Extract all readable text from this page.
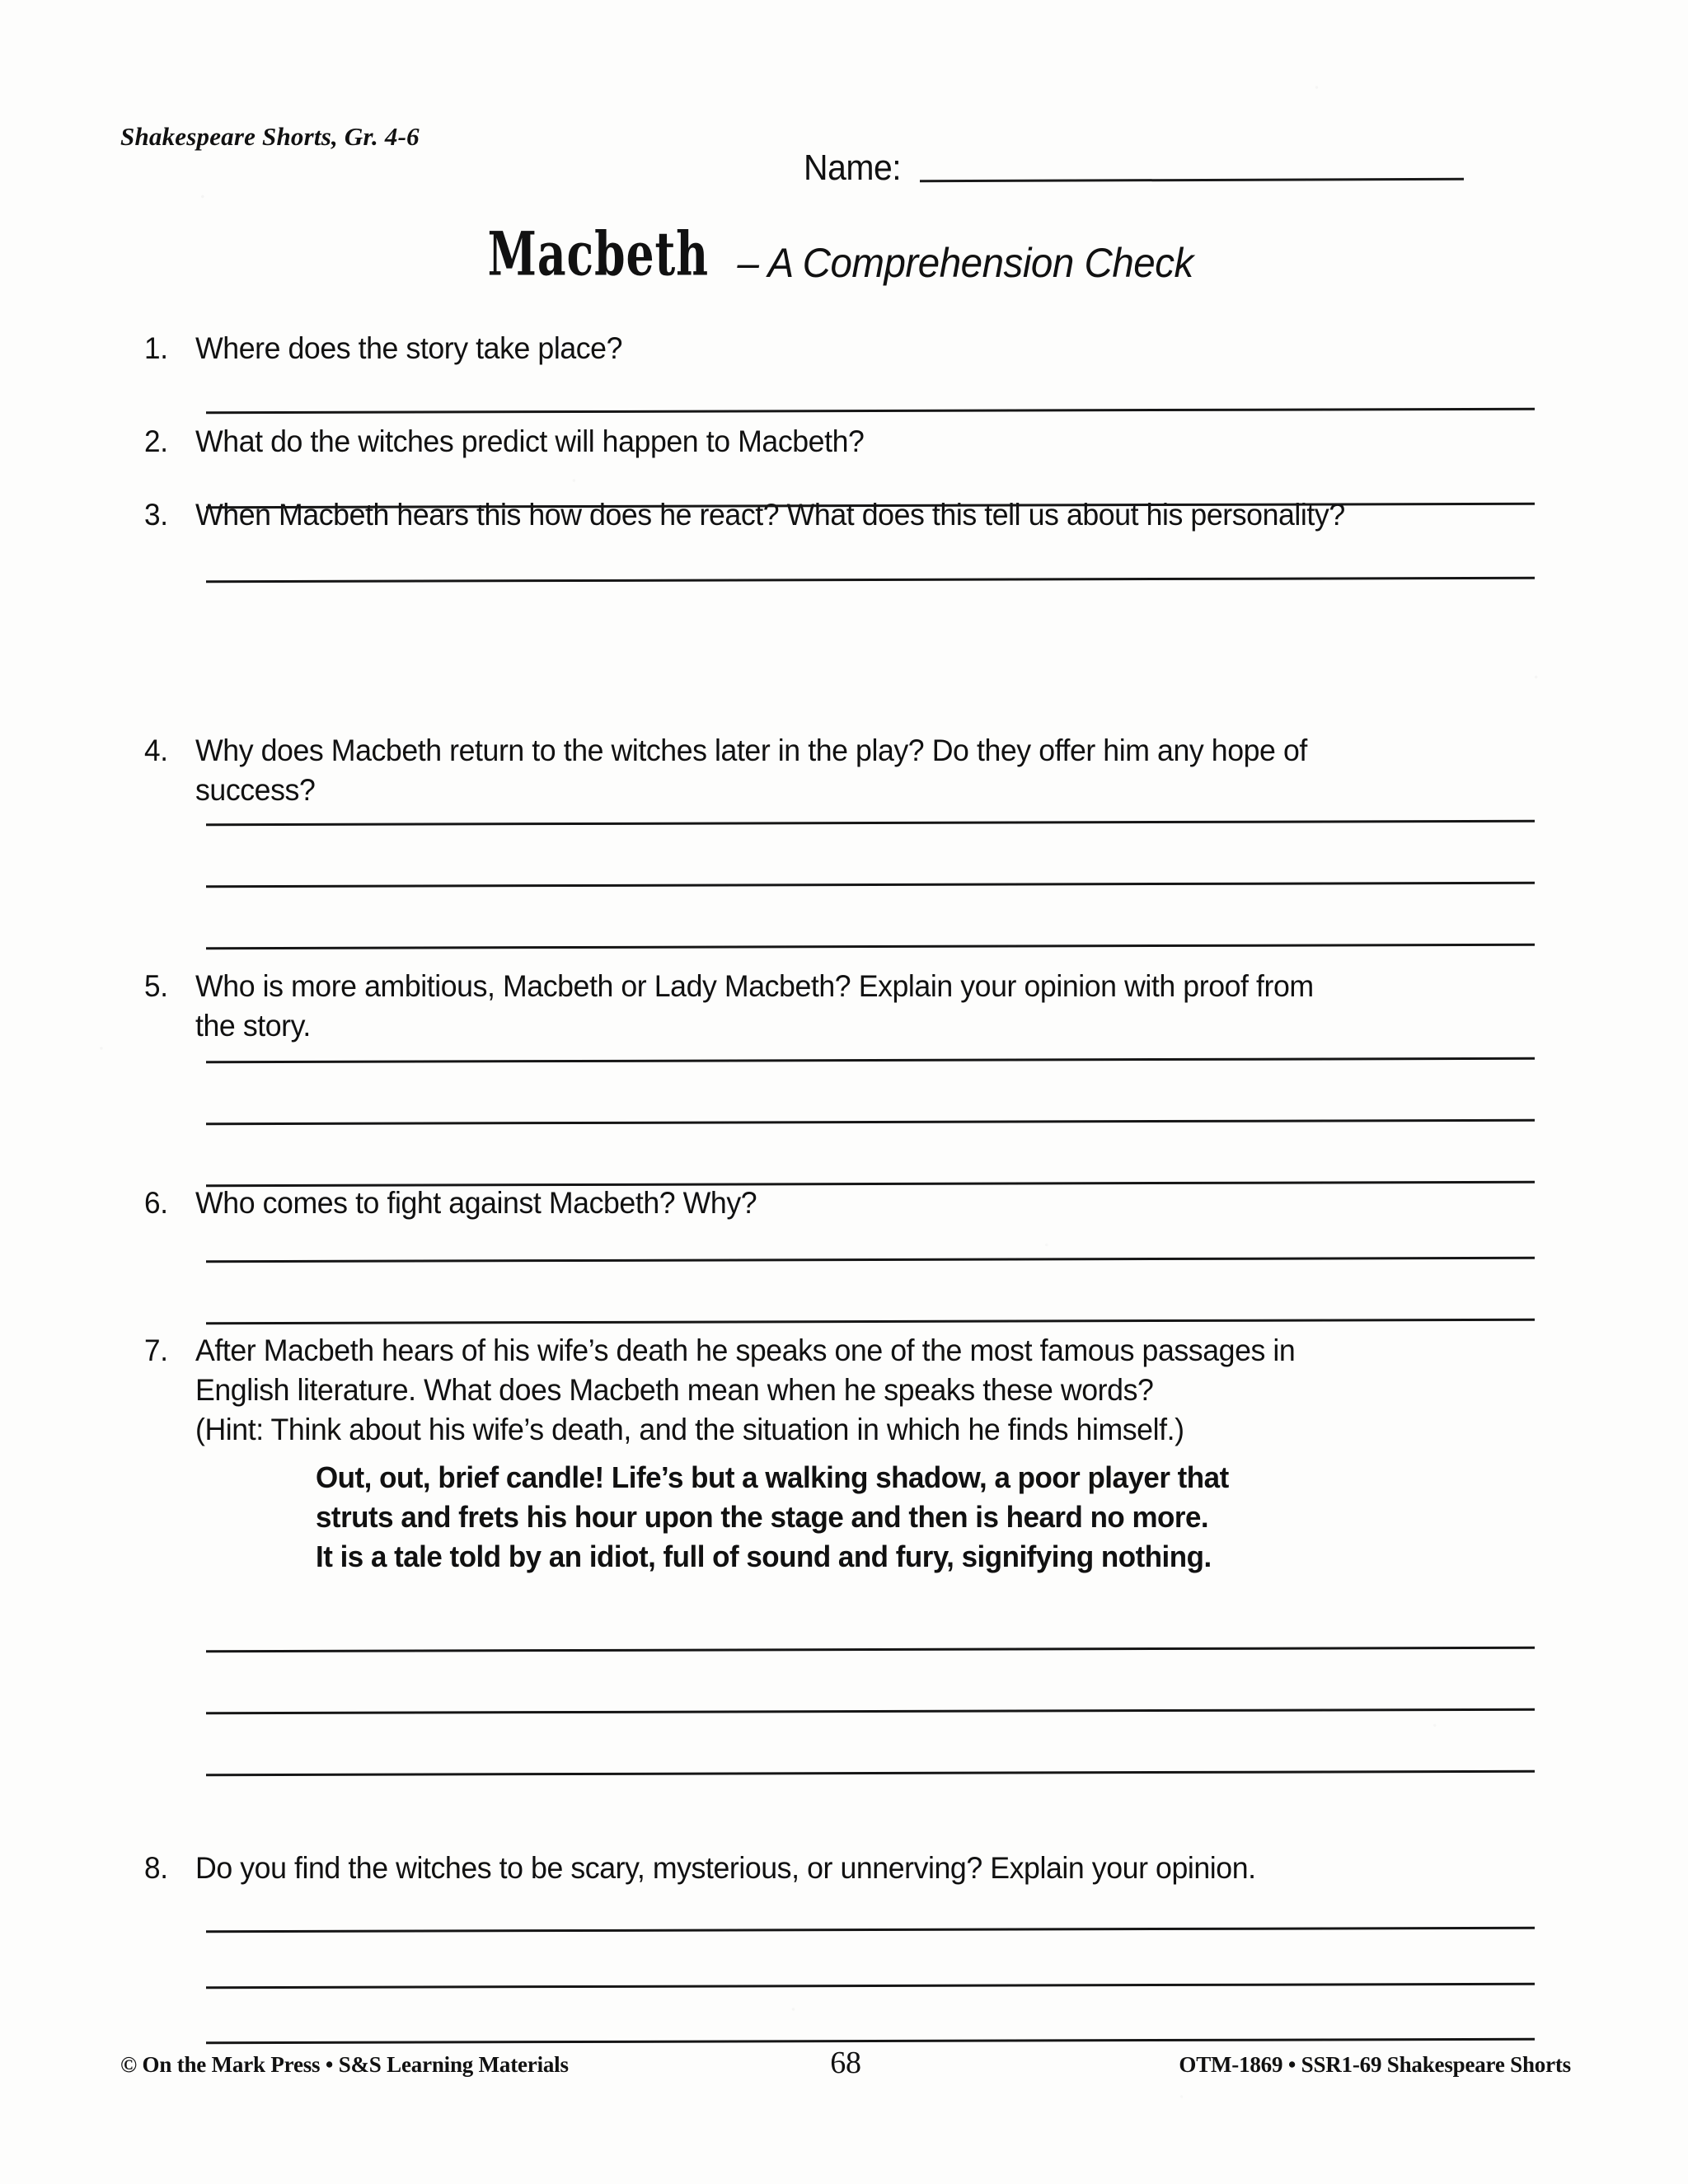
Shakespeare Shorts, Gr. 4-6
Name:
Macbeth – A Comprehension Check
1. Where does the story take place?
2. What do the witches predict will happen to Macbeth?
3. When Macbeth hears this how does he react? What does this tell us about his personality?
4. Why does Macbeth return to the witches later in the play? Do they offer him any hope of
success?
5. Who is more ambitious, Macbeth or Lady Macbeth? Explain your opinion with proof from
the story.
6. Who comes to fight against Macbeth? Why?
7. After Macbeth hears of his wife’s death he speaks one of the most famous passages in
English literature. What does Macbeth mean when he speaks these words?
(Hint: Think about his wife’s death, and the situation in which he finds himself.)
8. Do you find the witches to be scary, mysterious, or unnerving? Explain your opinion.
Out, out, brief candle! Life’s but a walking shadow, a poor player that
struts and frets his hour upon the stage and then is heard no more.
It is a tale told by an idiot, full of sound and fury, signifying nothing.
© On the Mark Press • S&S Learning Materials	68	OTM-1869 • SSR1-69 Shakespeare Shorts
